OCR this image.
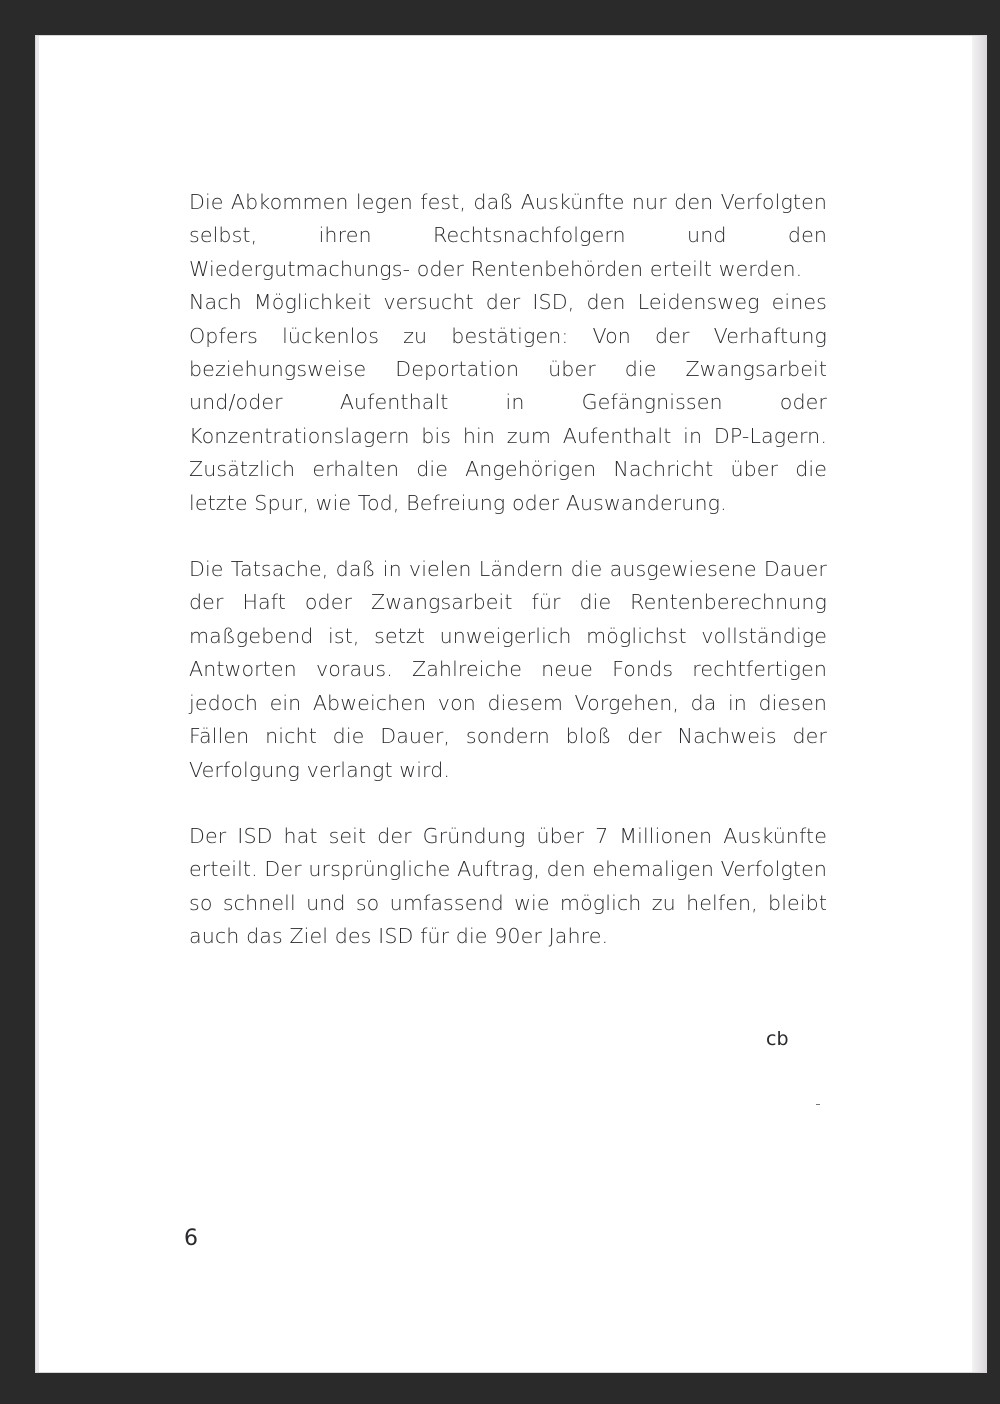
Die Abkommen legen fest, daß Auskünfte nur den Verfolgten selbst, ihren Rechtsnachfolgern und den Wiedergutmachungs- oder Rentenbehörden erteilt werden.

Nach Möglichkeit versucht der ISD, den Leidensweg eines Opfers lückenlos zu bestätigen: Von der Verhaftung beziehungsweise Deportation über die Zwangsarbeit und/oder Aufenthalt in Gefängnissen oder Konzentrationslagern bis hin zum Aufenthalt in DP-Lagern. Zusätzlich erhalten die Angehörigen Nachricht über die letzte Spur, wie Tod, Befreiung oder Auswanderung.

Die Tatsache, daß in vielen Ländern die ausgewiesene Dauer der Haft oder Zwangsarbeit für die Rentenberechnung maßgebend ist, setzt unweigerlich möglichst vollständige Antworten voraus. Zahlreiche neue Fonds rechtfertigen jedoch ein Abweichen von diesem Vorgehen, da in diesen Fällen nicht die Dauer, sondern bloß der Nachweis der Verfolgung verlangt wird.

Der ISD hat seit der Gründung über 7 Millionen Auskünfte erteilt. Der ursprüngliche Auftrag, den ehemaligen Verfolgten so schnell und so umfassend wie möglich zu helfen, bleibt auch das Ziel des ISD für die 90er Jahre.

cb
6
